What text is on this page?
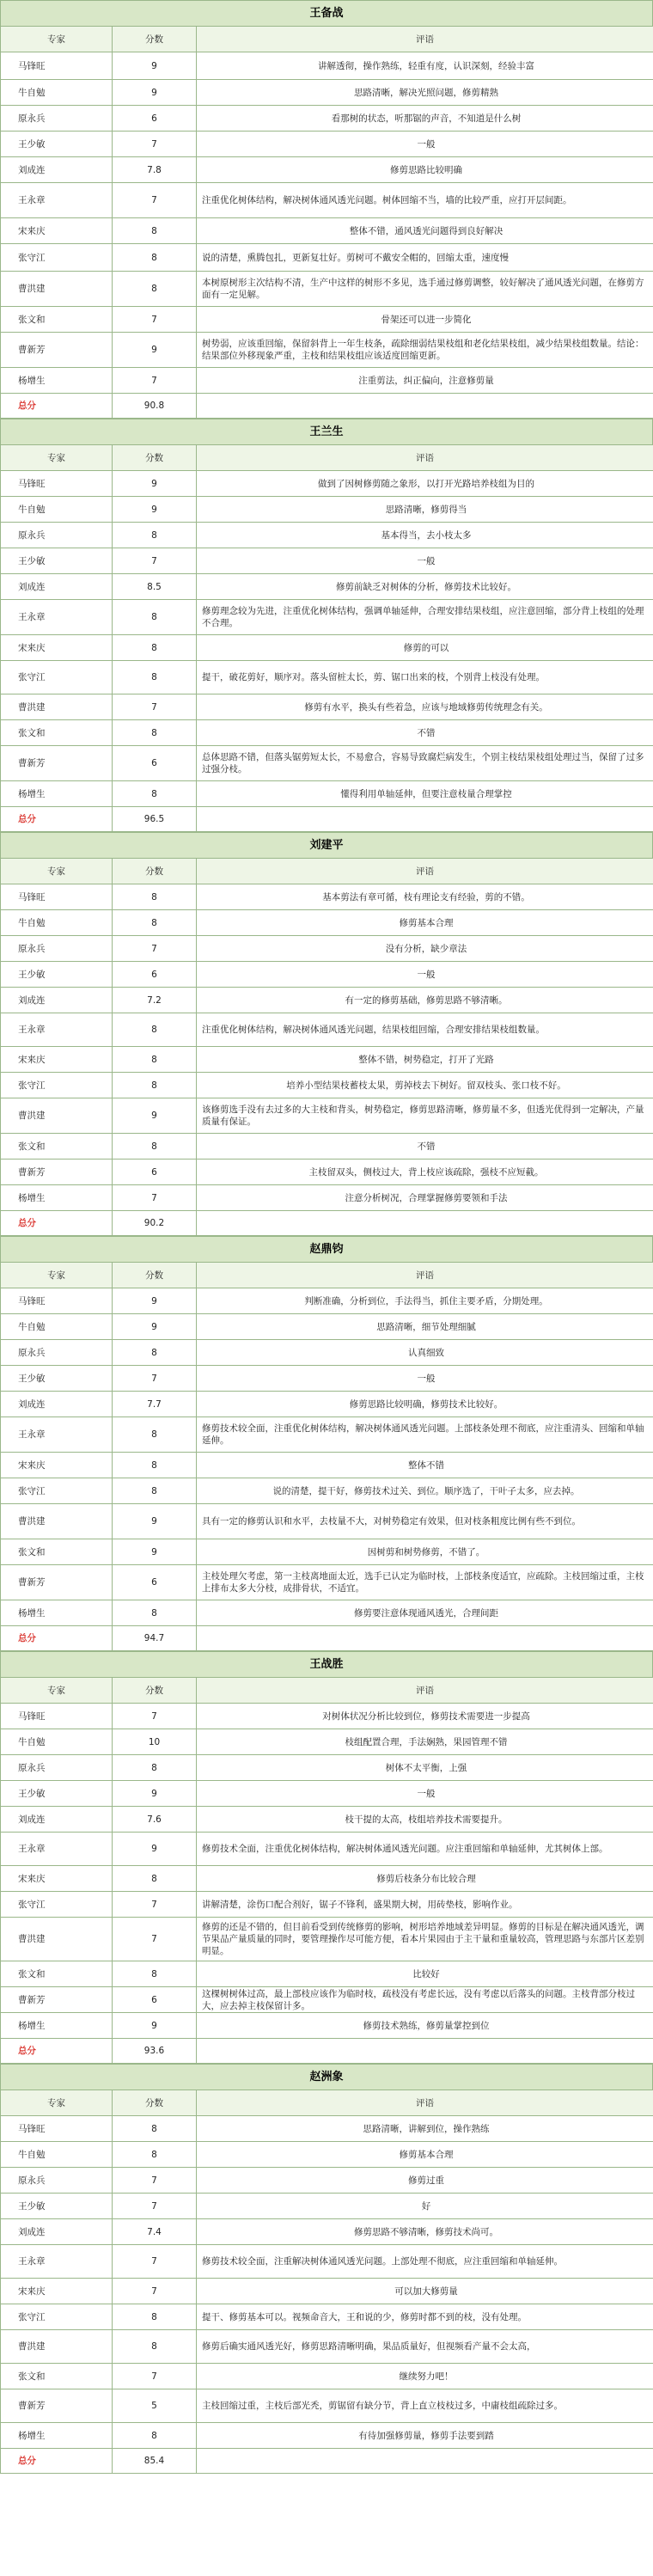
王备战
专家	分数	评语
马锋旺	9	讲解透彻，操作熟练，轻重有度，认识深刻，经验丰富
牛自勉	9	思路清晰，解决光照问题，修剪精熟
原永兵	6	看那树的状态，听那锯的声音，不知道是什么树
王少敏	7	一般
刘成连	7.8	修剪思路比较明确
王永章	7	注重优化树体结构，解决树体通风透光问题。树体回缩不当，墙的比较严重，应打开层间距。
宋来庆	8	整体不错，通风透光问题得到良好解决
张守江	8	说的清楚，熏腾包扎，更新复壮好。剪树可不戴安全帽的，回缩太重，速度慢
曹洪建	8	本树原树形主次结构不清，生产中这样的树形不多见，选手通过修剪调整，较好解决了通风透光问题，在修剪方面有一定见解。
张文和	7	骨架还可以进一步简化
曹新芳	9	树势弱，应该重回缩，保留斜背上一年生枝条，疏除细弱结果枝组和老化结果枝组，减少结果枝组数量。结论：结果部位外移现象严重，主枝和结果枝组应该适度回缩更新。
杨增生	7	注重剪法，纠正偏向，注意修剪量
总分	90.8	
王兰生
专家	分数	评语
马锋旺	9	做到了因树修剪随之象形，以打开光路培养枝组为目的
牛自勉	9	思路清晰，修剪得当
原永兵	8	基本得当，去小枝太多
王少敏	7	一般
刘成连	8.5	修剪前缺乏对树体的分析，修剪技术比较好。
王永章	8	修剪理念较为先进，注重优化树体结构，强调单轴延伸，合理安排结果枝组，应注意回缩，部分背上枝组的处理不合理。
宋来庆	8	修剪的可以
张守江	8	提干，破花剪好，顺序对。落头留桩太长，剪、锯口出来的枝，个别背上枝没有处理。
曹洪建	7	修剪有水平，换头有些着急，应该与地域修剪传统理念有关。
张文和	8	不错
曹新芳	6	总体思路不错，但落头锯剪短太长，不易愈合，容易导致腐烂病发生，个别主枝结果枝组处理过当，保留了过多过强分枝。
杨增生	8	懂得利用单轴延伸，但要注意枝量合理掌控
总分	96.5	
刘建平
专家	分数	评语
马锋旺	8	基本剪法有章可循，枝有理论支有经验，剪的不错。
牛自勉	8	修剪基本合理
原永兵	7	没有分析，缺少章法
王少敏	6	一般
刘成连	7.2	有一定的修剪基础，修剪思路不够清晰。
王永章	8	注重优化树体结构，解决树体通风透光问题，结果枝组回缩，合理安排结果枝组数量。
宋来庆	8	整体不错，树势稳定，打开了光路
张守江	8	培养小型结果枝蓄枝太果，剪掉枝去下树好。留双枝头、张口枝不好。
曹洪建	9	该修剪选手没有去过多的大主枝和背头，树势稳定，修剪思路清晰，修剪量不多，但透光优得到一定解决，产量质量有保证。
张文和	8	不错
曹新芳	6	主枝留双头，侧枝过大，背上枝应该疏除，强枝不应短截。
杨增生	7	注意分析树况，合理掌握修剪要领和手法
总分	90.2	
赵鼎钧
专家	分数	评语
马锋旺	9	判断准确，分析到位，手法得当，抓住主要矛盾，分期处理。
牛自勉	9	思路清晰，细节处理细腻
原永兵	8	认真细致
王少敏	7	一般
刘成连	7.7	修剪思路比较明确，修剪技术比较好。
王永章	8	修剪技术较全面，注重优化树体结构，解决树体通风透光问题。上部枝条处理不彻底，应注重清头、回缩和单轴延伸。
宋来庆	8	整体不错
张守江	8	说的清楚，提干好，修剪技术过关、到位。顺序选了，干叶子太多，应去掉。
曹洪建	9	具有一定的修剪认识和水平，去枝量不大，对树势稳定有效果，但对枝条粗度比例有些不到位。
张文和	9	因树剪和树势修剪，不错了。
曹新芳	6	主枝处理欠考虑，第一主枝离地面太近，选手已认定为临时枝，上部枝条度适宜，应疏除。主枝回缩过重，主枝上排布太多大分枝，成排骨状，不适宜。
杨增生	8	修剪要注意体现通风透光，合理间距
总分	94.7	
王战胜
专家	分数	评语
马锋旺	7	对树体状况分析比较到位，修剪技术需要进一步提高
牛自勉	10	枝组配置合理，手法娴熟，果园管理不错
原永兵	8	树体不太平衡，上强
王少敏	9	一般
刘成连	7.6	枝干提的太高，枝组培养技术需要提升。
王永章	9	修剪技术全面，注重优化树体结构，解决树体通风透光问题。应注重回缩和单轴延伸，尤其树体上部。
宋来庆	8	修剪后枝条分布比较合理
张守江	7	讲解清楚，涂伤口配合剂好，锯子不锋利，盛果期大树，用砖垫枝，影响作业。
曹洪建	7	修剪的还是不错的，但目前看受到传统修剪的影响，树形培养地域差异明显。修剪的目标是在解决通风透光，调节果品产量质量的同时，要管理操作尽可能方便，看本片果园由于主干量和重量较高，管理思路与东部片区差别明显。
张文和	8	比较好
曹新芳	6	这棵树树体过高，最上部枝应该作为临时枝，疏枝没有考虑长远，没有考虑以后落头的问题。主枝背部分枝过大，应去掉主枝保留计多。
杨增生	9	修剪技术熟练，修剪量掌控到位
总分	93.6	
赵洲象
专家	分数	评语
马锋旺	8	思路清晰，讲解到位，操作熟练
牛自勉	8	修剪基本合理
原永兵	7	修剪过重
王少敏	7	好
刘成连	7.4	修剪思路不够清晰，修剪技术尚可。
王永章	7	修剪技术较全面，注重解决树体通风透光问题。上部处理不彻底，应注重回缩和单轴延伸。
宋来庆	7	可以加大修剪量
张守江	8	提干、修剪基本可以。视频命音大，王和说的少，修剪时都不到的枝，没有处理。
曹洪建	8	修剪后确实通风透光好，修剪思路清晰明确，果品质量好，但视频看产量不会太高，
张文和	7	继续努力吧！
曹新芳	5	主枝回缩过重，主枝后部光秃，剪锯留有缺分节，背上直立枝枝过多，中庸枝组疏除过多。
杨增生	8	有待加强修剪量，修剪手法要到踏
总分	85.4	
